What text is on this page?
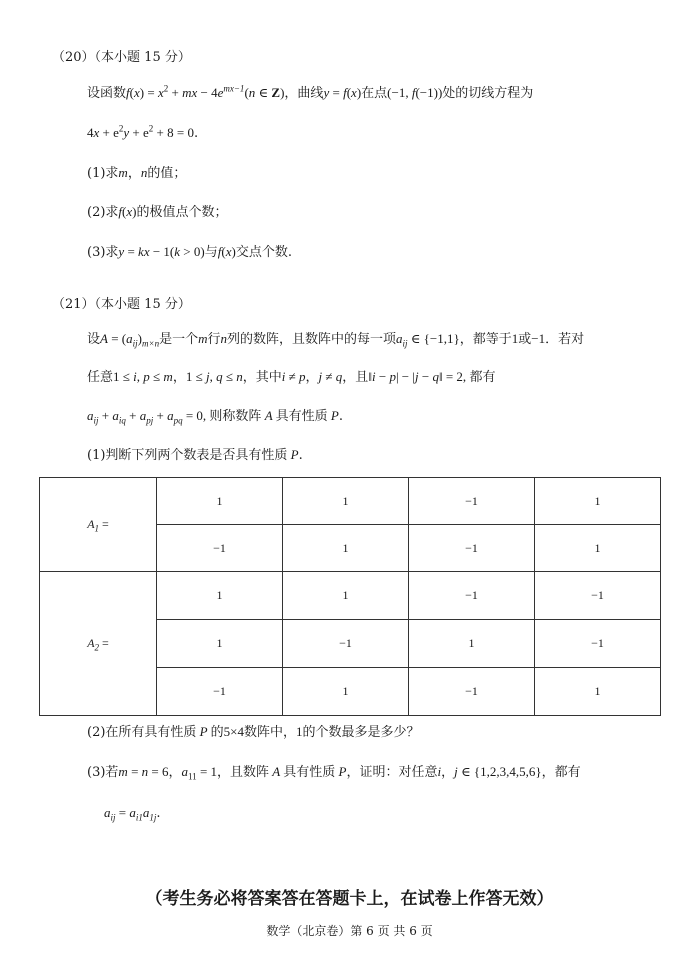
（20）（本小题 15 分）
设函数$f(x) = x^2$ + mx − $4e^{mx-1}(n$ ∈ Z)，曲线y = f(x)在点(−1, f(−1))处的切线方程为
$4x + e^2y + e^2 + 8 = 0$.
(1)求m，n的值；
(2)求f(x)的极值点个数；
(3)求y = kx − 1(k > 0)与f(x)交点个数.
（21）（本小题 15 分）
设$A = (a_{ij})_{m\times n}$是一个m行n列的数阵，且数阵中的每一项$a_{ij}$ ∈ {−1,1}，都等于1或−1．若对
任意1 ≤ i, p ≤ m，1 ≤ j, q ≤ n，其中i ≠ p，j ≠ q，且‖i − p| − |j − q‖ = 2, 都有
$a_{ij} + a_{iq} + a_{pj} + a_{pq} = 0$, 则称数阵 A 具有性质 P.
(1)判断下列两个数表是否具有性质 P.
$A_1$ =	1	1	−1	1
	−1	1	−1	1
$A_2$ =	1	1	−1	−1
	1	−1	1	−1
	−1	1	−1	1
(2)在所有具有性质 P 的5×4数阵中，1的个数最多是多少？
(3)若m = n = 6，$a_{11} = 1$，且数阵 A 具有性质 P，证明：对任意i，j ∈ {1,2,3,4,5,6}，都有
$a_{ij} = a_{i1}a_{1j}$.
（考生务必将答案答在答题卡上，在试卷上作答无效）
数学（北京卷）第 6 页 共 6 页
